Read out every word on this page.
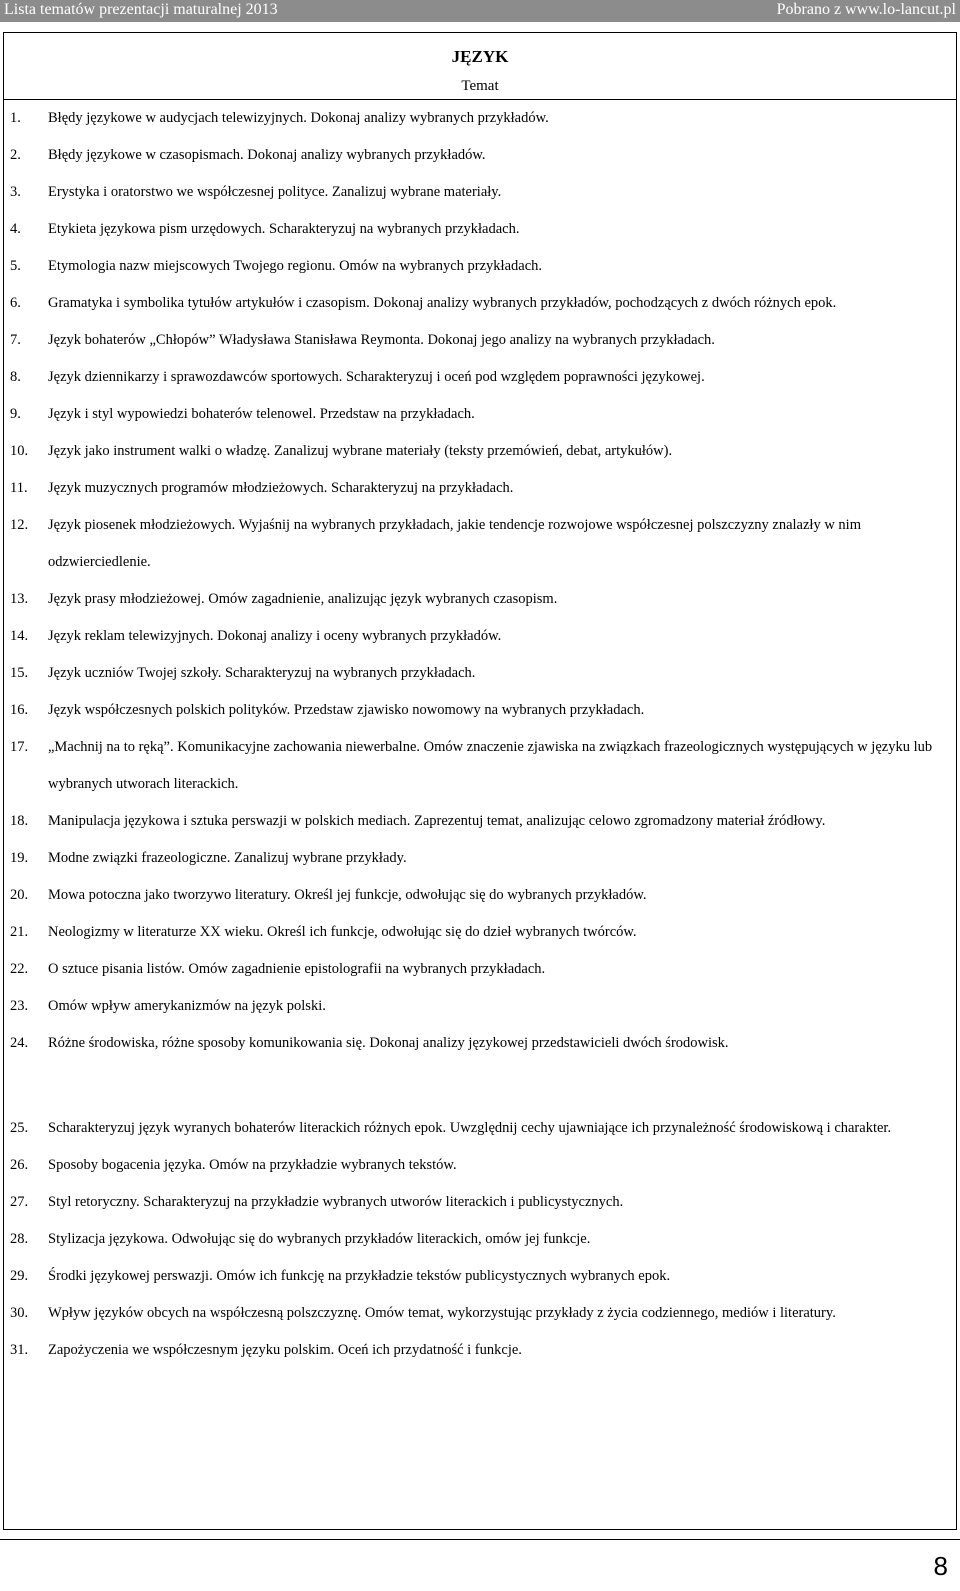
Lista tematów prezentacji maturalnej 2013	Pobrano z www.lo-lancut.pl
JĘZYK
Temat
1.	Błędy językowe w audycjach telewizyjnych. Dokonaj analizy wybranych przykładów.
2.	Błędy językowe w czasopismach. Dokonaj analizy wybranych przykładów.
3.	Erystyka i oratorstwo we współczesnej polityce. Zanalizuj wybrane materiały.
4.	Etykieta językowa pism urzędowych. Scharakteryzuj na wybranych przykładach.
5.	Etymologia nazw miejscowych Twojego regionu. Omów na wybranych przykładach.
6.	Gramatyka i symbolika tytułów artykułów i czasopism. Dokonaj analizy wybranych przykładów, pochodzących z dwóch różnych epok.
7.	Język bohaterów „Chłopów” Władysława Stanisława Reymonta. Dokonaj jego analizy na wybranych przykładach.
8.	Język dziennikarzy i sprawozdawców sportowych. Scharakteryzuj i oceń pod względem poprawności językowej.
9.	Język i styl wypowiedzi bohaterów telenowel. Przedstaw na przykładach.
10.	Język jako instrument walki o władzę. Zanalizuj wybrane materiały (teksty przemówień, debat, artykułów).
11.	Język muzycznych programów młodzieżowych. Scharakteryzuj na przykładach.
12.	Język piosenek młodzieżowych. Wyjaśnij na wybranych przykładach, jakie tendencje rozwojowe współczesnej polszczyzny znalazły w nim odzwierciedlenie.
13.	Język prasy młodzieżowej. Omów zagadnienie, analizując język wybranych czasopism.
14.	Język reklam telewizyjnych. Dokonaj analizy i oceny wybranych przykładów.
15.	Język uczniów Twojej szkoły. Scharakteryzuj na wybranych przykładach.
16.	Język współczesnych polskich polityków. Przedstaw zjawisko nowomowy na wybranych przykładach.
17.	„Machnij na to ręką”. Komunikacyjne zachowania niewerbalne. Omów znaczenie zjawiska na związkach frazeologicznych występujących w języku lub wybranych utworach literackich.
18.	Manipulacja językowa i sztuka perswazji w polskich mediach. Zaprezentuj temat, analizując celowo zgromadzony materiał źródłowy.
19.	Modne związki frazeologiczne. Zanalizuj wybrane przykłady.
20.	Mowa potoczna jako tworzywo literatury. Określ jej funkcje, odwołując się do wybranych przykładów.
21.	Neologizmy w literaturze XX wieku. Określ ich funkcje, odwołując się do dzieł wybranych twórców.
22.	O sztuce pisania listów. Omów zagadnienie epistolografii na wybranych przykładach.
23.	Omów wpływ amerykanizmów na język polski.
24.	Różne środowiska, różne sposoby komunikowania się. Dokonaj analizy językowej przedstawicieli dwóch środowisk.
25.	Scharakteryzuj język wyranych bohaterów literackich różnych epok. Uwzględnij cechy ujawniające ich przynależność środowiskową i charakter.
26.	Sposoby bogacenia języka. Omów na przykładzie wybranych tekstów.
27.	Styl retoryczny. Scharakteryzuj na przykładzie wybranych utworów literackich i publicystycznych.
28.	Stylizacja językowa. Odwołując się do wybranych przykładów literackich, omów jej funkcje.
29.	Środki językowej perswazji. Omów ich funkcję na przykładzie tekstów publicystycznych wybranych epok.
30.	Wpływ języków obcych na współczesną polszczyznę. Omów temat, wykorzystując przykłady z życia codziennego, mediów i literatury.
31.	Zapożyczenia we współczesnym języku polskim. Oceń ich przydatność i funkcje.
8
